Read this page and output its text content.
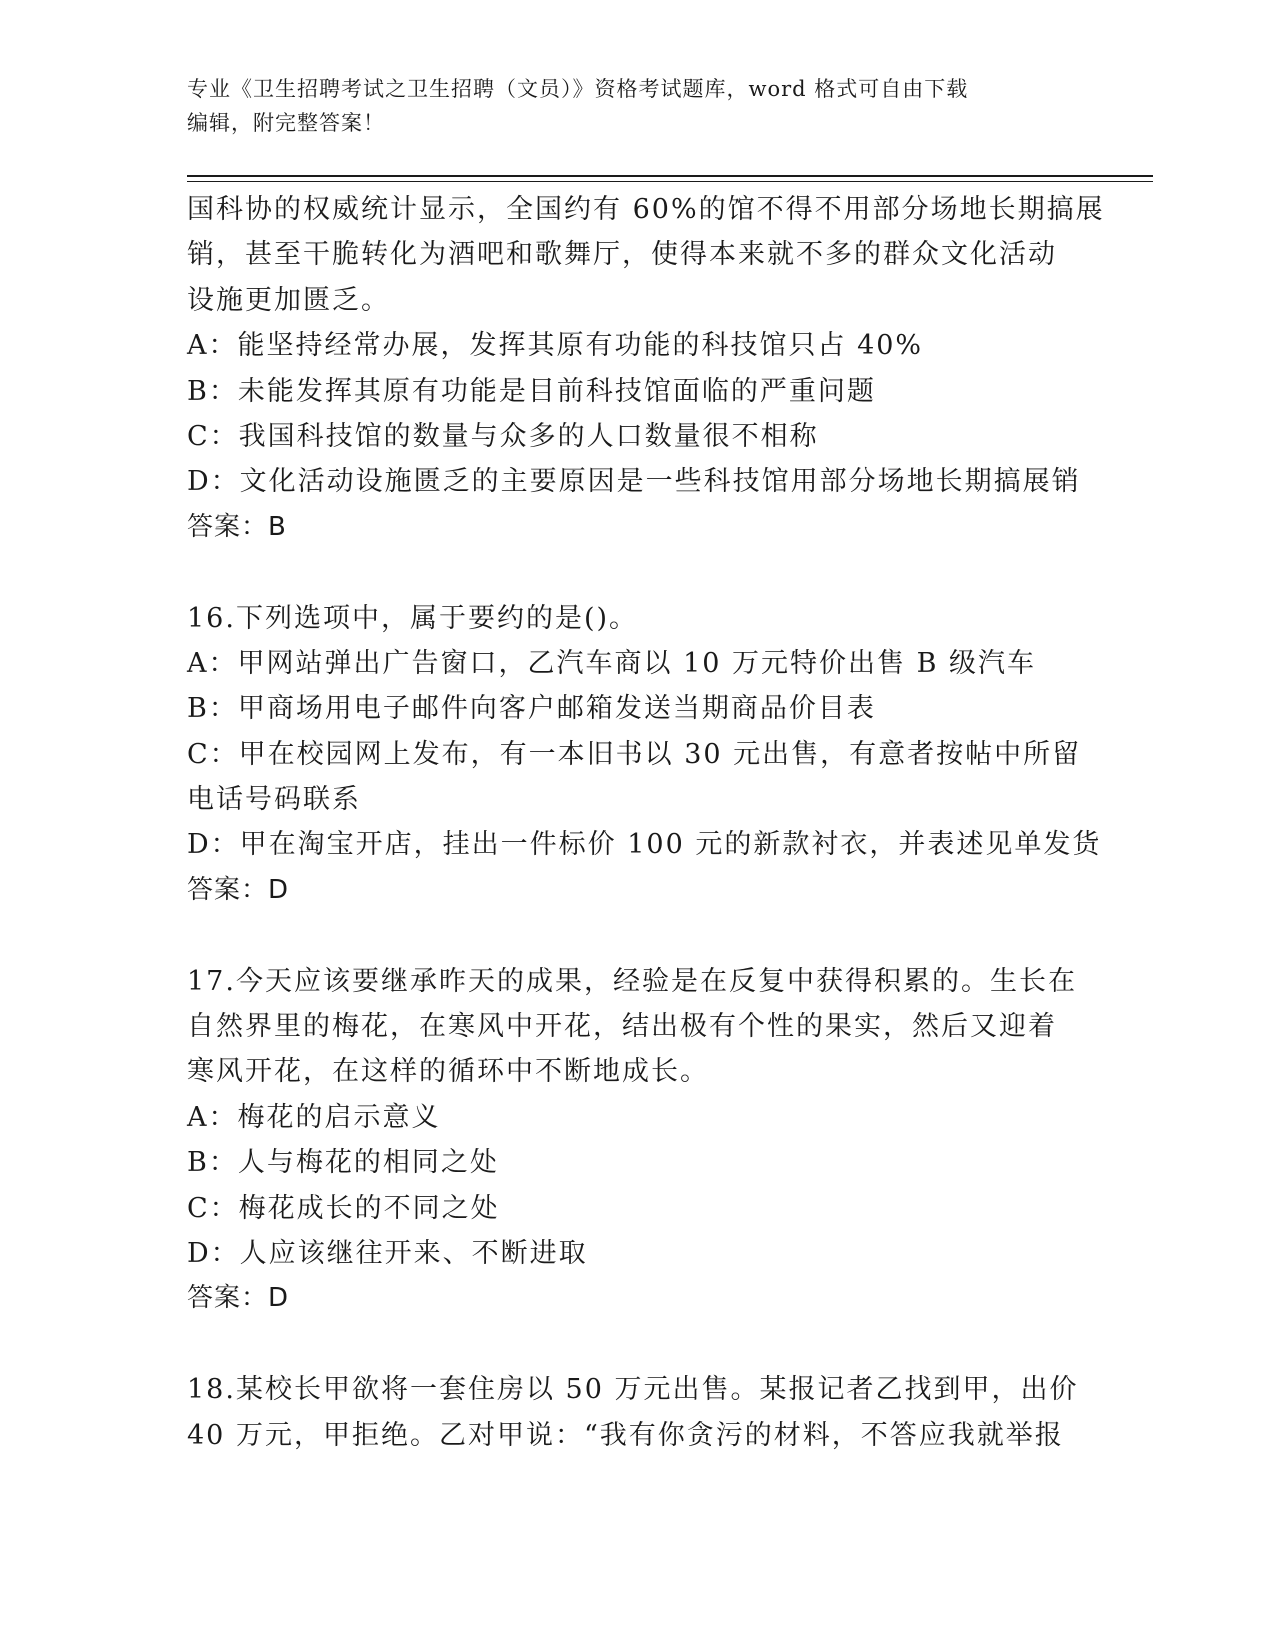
专业《卫生招聘考试之卫生招聘（文员）》资格考试题库，word 格式可自由下载
编辑，附完整答案！
国科协的权威统计显示，全国约有 60%的馆不得不用部分场地长期搞展
销，甚至干脆转化为酒吧和歌舞厅，使得本来就不多的群众文化活动
设施更加匮乏。
A：能坚持经常办展，发挥其原有功能的科技馆只占 40%
B：未能发挥其原有功能是目前科技馆面临的严重问题
C：我国科技馆的数量与众多的人口数量很不相称
D：文化活动设施匮乏的主要原因是一些科技馆用部分场地长期搞展销
答案：B
16.下列选项中，属于要约的是()。
A：甲网站弹出广告窗口，乙汽车商以 10 万元特价出售 B 级汽车
B：甲商场用电子邮件向客户邮箱发送当期商品价目表
C：甲在校园网上发布，有一本旧书以 30 元出售，有意者按帖中所留
电话号码联系
D：甲在淘宝开店，挂出一件标价 100 元的新款衬衣，并表述见单发货
答案：D
17.今天应该要继承昨天的成果，经验是在反复中获得积累的。生长在
自然界里的梅花，在寒风中开花，结出极有个性的果实，然后又迎着
寒风开花，在这样的循环中不断地成长。
A：梅花的启示意义
B：人与梅花的相同之处
C：梅花成长的不同之处
D：人应该继往开来、不断进取
答案：D
18.某校长甲欲将一套住房以 50 万元出售。某报记者乙找到甲，出价
40 万元，甲拒绝。乙对甲说：“我有你贪污的材料，不答应我就举报
